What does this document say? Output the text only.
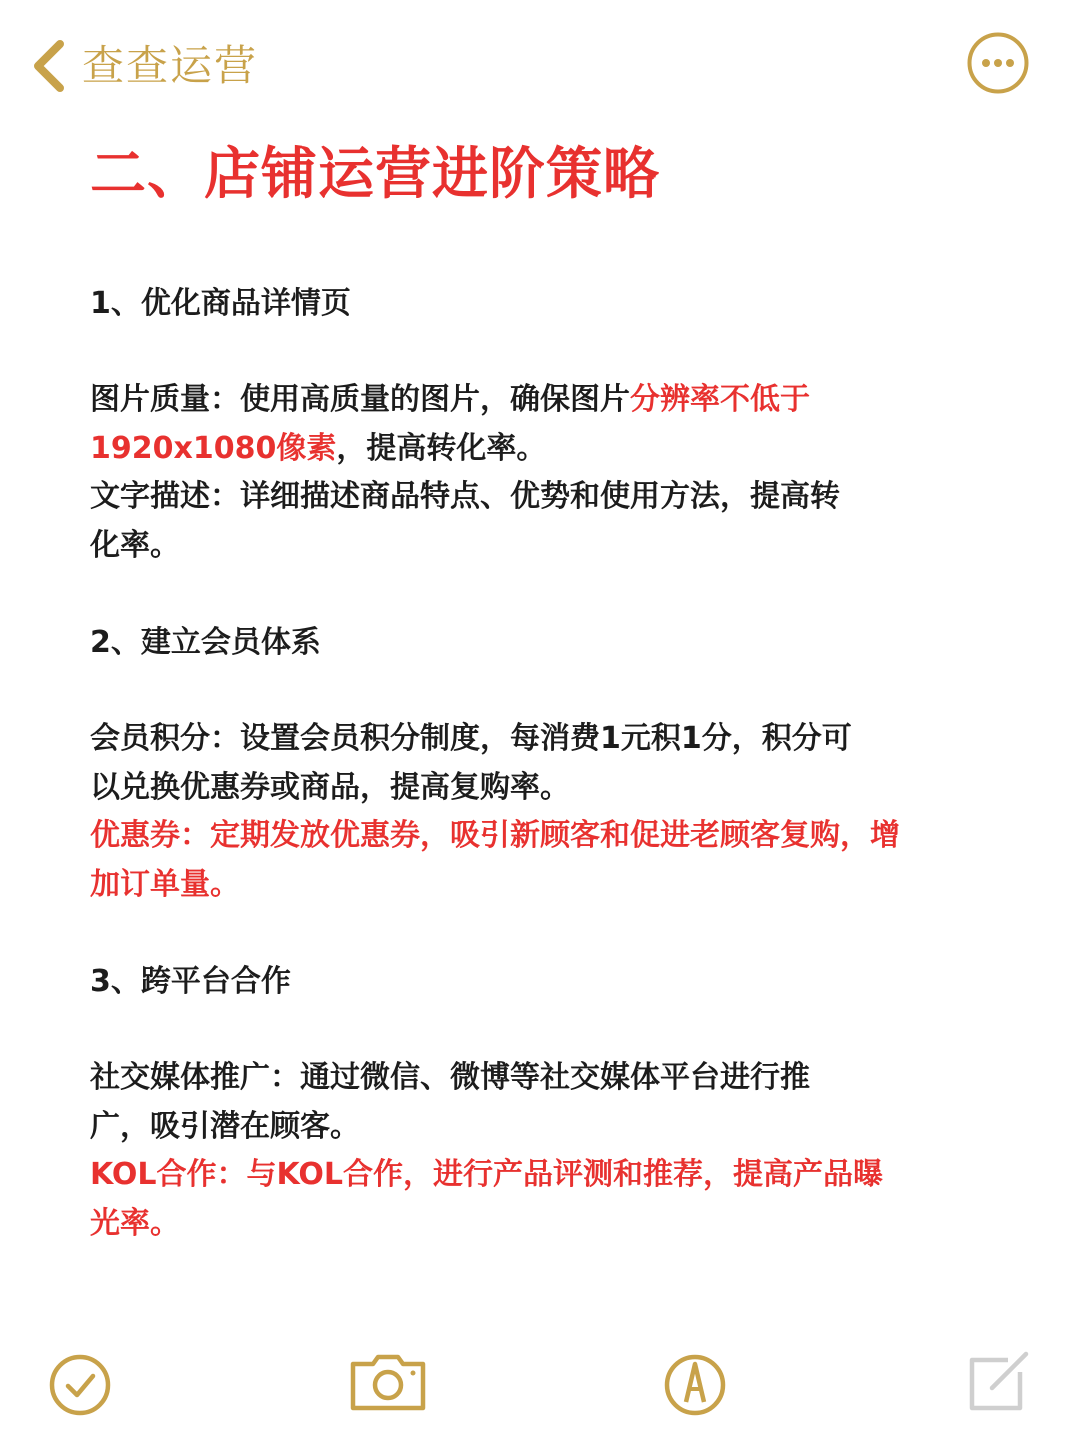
查查运营
二、店铺运营进阶策略

1、优化商品详情页

图片质量：使用高质量的图片，确保图片分辨率不低于

1920x1080像素，提高转化率。

文字描述：详细描述商品特点、优势和使用方法，提高转

化率。

2、建立会员体系

会员积分：设置会员积分制度，每消费1元积1分，积分可

以兑换优惠券或商品，提高复购率。

优惠券：定期发放优惠券，吸引新顾客和促进老顾客复购，增

加订单量。

3、跨平台合作

社交媒体推广：通过微信、微博等社交媒体平台进行推

广，吸引潜在顾客。

KOL合作：与KOL合作，进行产品评测和推荐，提高产品曝

光率。
